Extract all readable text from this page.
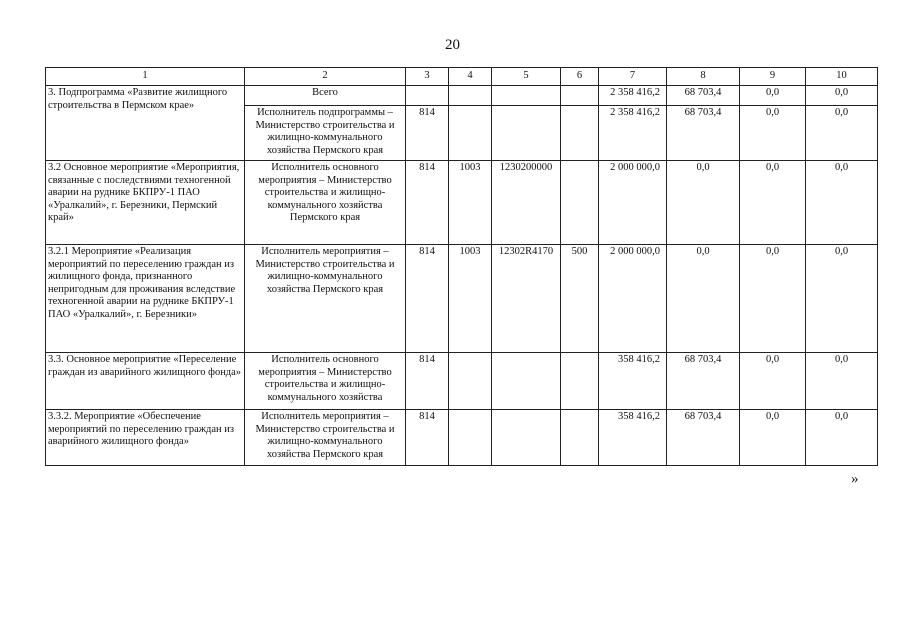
20
1	2	3	4	5	6	7	8	9	10
3. Подпрограмма «Развитие жилищного строительства в Пермском крае»	Всего					2 358 416,2	68 703,4	0,0	0,0
	Исполнитель подпрограммы – Министерство строительства и жилищно-коммунального хозяйства Пермского края	814				2 358 416,2	68 703,4	0,0	0,0
3.2 Основное мероприятие «Мероприятия, связанные с последствиями техногенной аварии на руднике БКПРУ-1 ПАО «Уралкалий», г. Березники, Пермский край»	Исполнитель основного мероприятия – Министерство строительства и жилищно-коммунального хозяйства Пермского края	814	1003	1230200000		2 000 000,0	0,0	0,0	0,0
3.2.1 Мероприятие «Реализация мероприятий по переселению граждан из жилищного фонда, признанного непригодным для проживания вследствие техногенной аварии на руднике БКПРУ-1 ПАО «Уралкалий», г. Березники»	Исполнитель мероприятия – Министерство строительства и жилищно-коммунального хозяйства Пермского края	814	1003	12302R4170	500	2 000 000,0	0,0	0,0	0,0
3.3. Основное мероприятие «Переселение граждан из аварийного жилищного фонда»	Исполнитель основного мероприятия – Министерство строительства и жилищно-коммунального хозяйства	814				358 416,2	68 703,4	0,0	0,0
3.3.2. Мероприятие «Обеспечение мероприятий по переселению граждан из аварийного жилищного фонда»	Исполнитель мероприятия – Министерство строительства и жилищно-коммунального хозяйства Пермского края	814				358 416,2	68 703,4	0,0	0,0
»
